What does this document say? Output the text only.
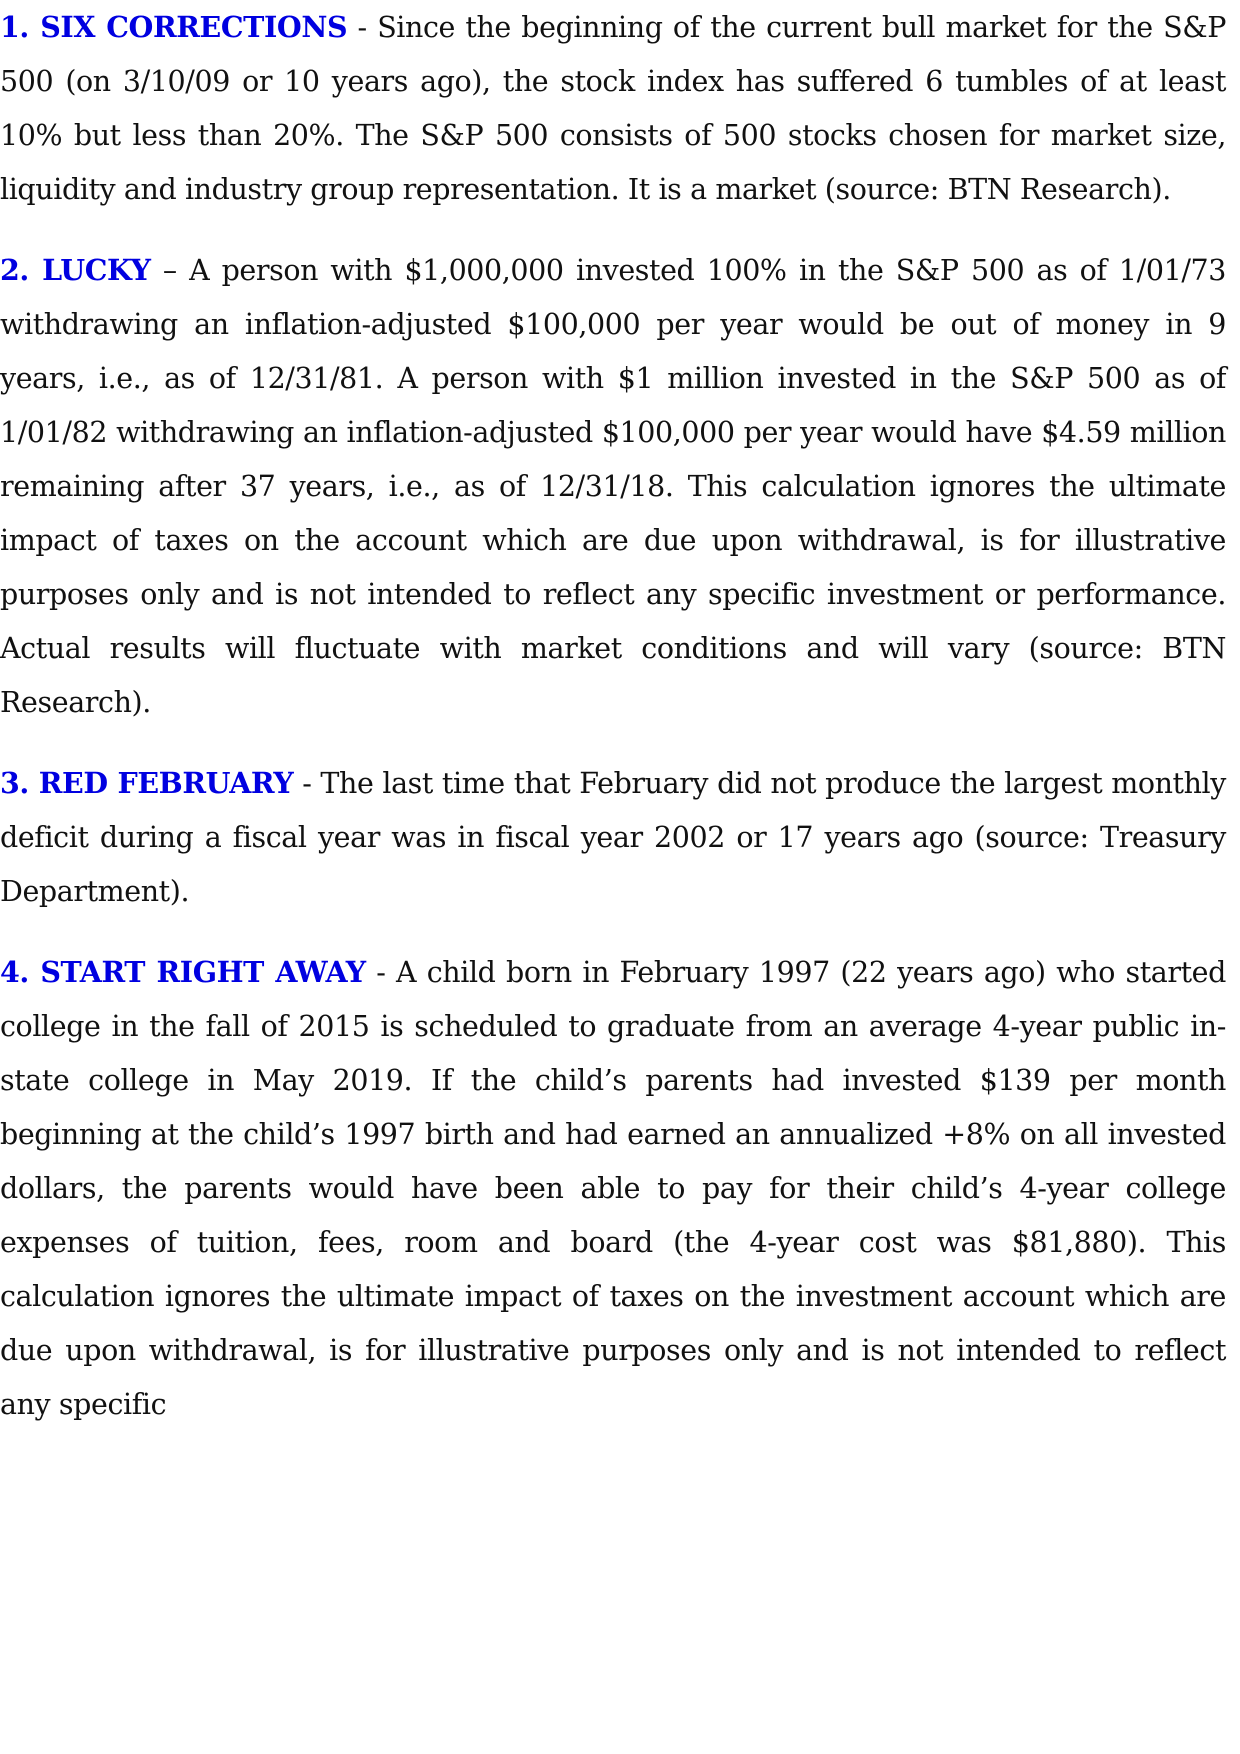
1. SIX CORRECTIONS - Since the beginning of the current bull market for the S&P 500 (on 3/10/09 or 10 years ago), the stock index has suffered 6 tumbles of at least 10% but less than 20%. The S&P 500 consists of 500 stocks chosen for market size, liquidity and industry group representation. It is a market (source: BTN Research).

2. LUCKY – A person with $1,000,000 invested 100% in the S&P 500 as of 1/01/73 withdrawing an inflation-adjusted $100,000 per year would be out of money in 9 years, i.e., as of 12/31/81. A person with $1 million invested in the S&P 500 as of 1/01/82 withdrawing an inflation-adjusted $100,000 per year would have $4.59 million remaining after 37 years, i.e., as of 12/31/18. This calculation ignores the ultimate impact of taxes on the account which are due upon withdrawal, is for illustrative purposes only and is not intended to reflect any specific investment or performance. Actual results will fluctuate with market conditions and will vary (source: BTN Research).

3. RED FEBRUARY - The last time that February did not produce the largest monthly deficit during a fiscal year was in fiscal year 2002 or 17 years ago (source: Treasury Department).

4. START RIGHT AWAY - A child born in February 1997 (22 years ago) who started college in the fall of 2015 is scheduled to graduate from an average 4-year public in-state college in May 2019. If the child’s parents had invested $139 per month beginning at the child’s 1997 birth and had earned an annualized +8% on all invested dollars, the parents would have been able to pay for their child’s 4-year college expenses of tuition, fees, room and board (the 4-year cost was $81,880). This calculation ignores the ultimate impact of taxes on the investment account which are due upon withdrawal, is for illustrative purposes only and is not intended to reflect any specific
